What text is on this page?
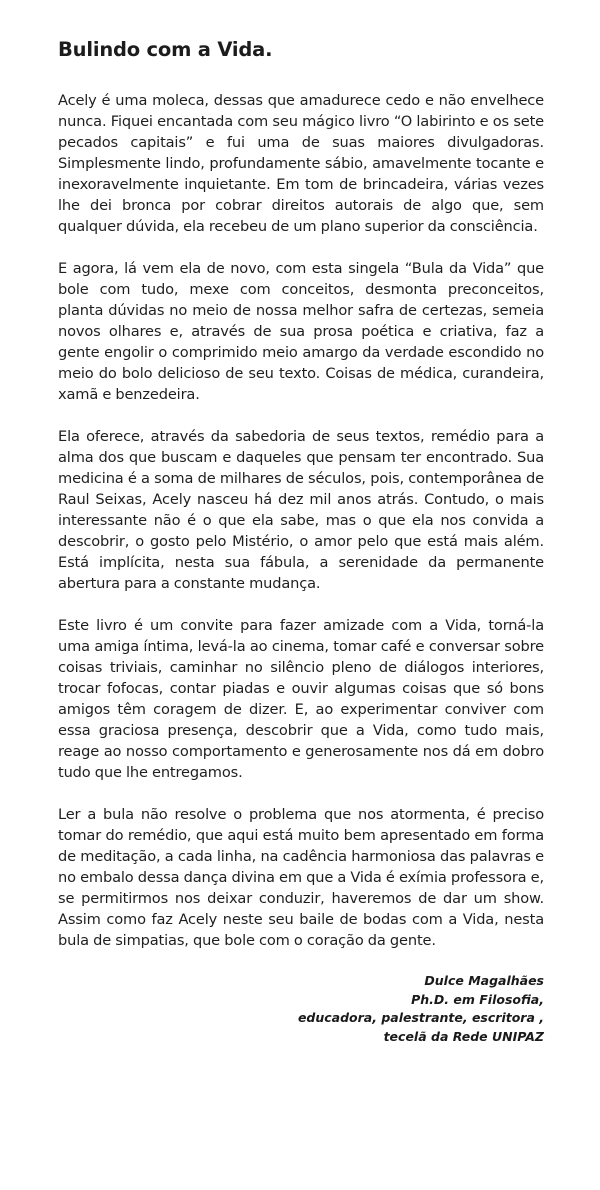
Bulindo com a Vida.

Acely é uma moleca, dessas que amadurece cedo e não envelhece nunca. Fiquei encantada com seu mágico livro “O labirinto e os sete pecados capitais” e fui uma de suas maiores divulgadoras. Simplesmente lindo, profundamente sábio, amavelmente tocante e inexoravelmente inquietante. Em tom de brincadeira, várias vezes lhe dei bronca por cobrar direitos autorais de algo que, sem qualquer dúvida, ela recebeu de um plano superior da consciência.

E agora, lá vem ela de novo, com esta singela “Bula da Vida” que bole com tudo, mexe com conceitos, desmonta preconceitos, planta dúvidas no meio de nossa melhor safra de certezas, semeia novos olhares e, através de sua prosa poética e criativa, faz a gente engolir o comprimido meio amargo da verdade escondido no meio do bolo delicioso de seu texto. Coisas de médica, curandeira, xamã e benzedeira.

Ela oferece, através da sabedoria de seus textos, remédio para a alma dos que buscam e daqueles que pensam ter encontrado. Sua medicina é a soma de milhares de séculos, pois, contemporânea de Raul Seixas, Acely nasceu há dez mil anos atrás. Contudo, o mais interessante não é o que ela sabe, mas o que ela nos convida a descobrir, o gosto pelo Mistério, o amor pelo que está mais além. Está implícita, nesta sua fábula, a serenidade da permanente abertura para a constante mudança.

Este livro é um convite para fazer amizade com a Vida, torná-la uma amiga íntima, levá-la ao cinema, tomar café e conversar sobre coisas triviais, caminhar no silêncio pleno de diálogos interiores, trocar fofocas, contar piadas e ouvir algumas coisas que só bons amigos têm coragem de dizer. E, ao experimentar conviver com essa graciosa presença, descobrir que a Vida, como tudo mais, reage ao nosso comportamento e generosamente nos dá em dobro tudo que lhe entregamos.

Ler a bula não resolve o problema que nos atormenta, é preciso tomar do remédio, que aqui está muito bem apresentado em forma de meditação, a cada linha, na cadência harmoniosa das palavras e no embalo dessa dança divina em que a Vida é exímia professora e, se permitirmos nos deixar conduzir, haveremos de dar um show. Assim como faz Acely neste seu baile de bodas com a Vida, nesta bula de simpatias, que bole com o coração da gente.

Dulce Magalhães
Ph.D. em Filosofia,
educadora, palestrante, escritora ,
tecelã da Rede UNIPAZ
